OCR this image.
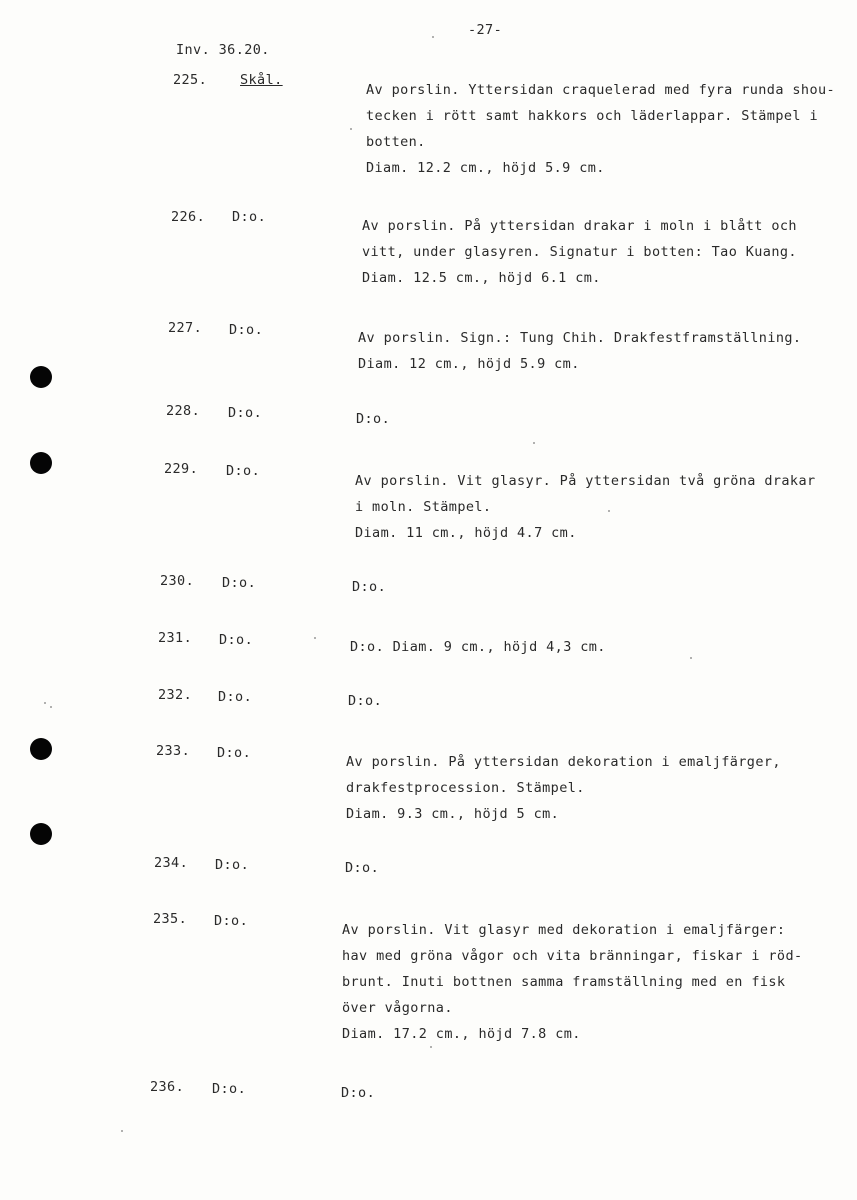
-27-
Inv. 36.20.
225. Skål.
Av porslin. Yttersidan craquelerad med fyra runda shou-
tecken i rött samt hakkors och läderlappar. Stämpel i
botten.
Diam. 12.2 cm., höjd 5.9 cm.
226. D:o.
Av porslin. På yttersidan drakar i moln i blått och
vitt, under glasyren. Signatur i botten: Tao Kuang.
Diam. 12.5 cm., höjd 6.1 cm.
227. D:o.	Av porslin. Sign.: Tung Chih. Drakfestframställning.
Diam. 12 cm., höjd 5.9 cm.
228. D:o.	D:o.
229. D:o.
Av porslin. Vit glasyr. På yttersidan två gröna drakar
i moln. Stämpel.
Diam. 11 cm., höjd 4.7 cm.
230. D:o.	D:o.
231. D:o.	D:o. Diam. 9 cm., höjd 4,3 cm.
232. D:o.	D:o.
233. D:o.
Av porslin. På yttersidan dekoration i emaljfärger,
drakfestprocession. Stämpel.
Diam. 9.3 cm., höjd 5 cm.
234. D:o.	D:o.
235. D:o.
Av porslin. Vit glasyr med dekoration i emaljfärger:
hav med gröna vågor och vita bränningar, fiskar i röd-
brunt. Inuti bottnen samma framställning med en fisk
över vågorna.
Diam. 17.2 cm., höjd 7.8 cm.
236. D:o.	D:o.
